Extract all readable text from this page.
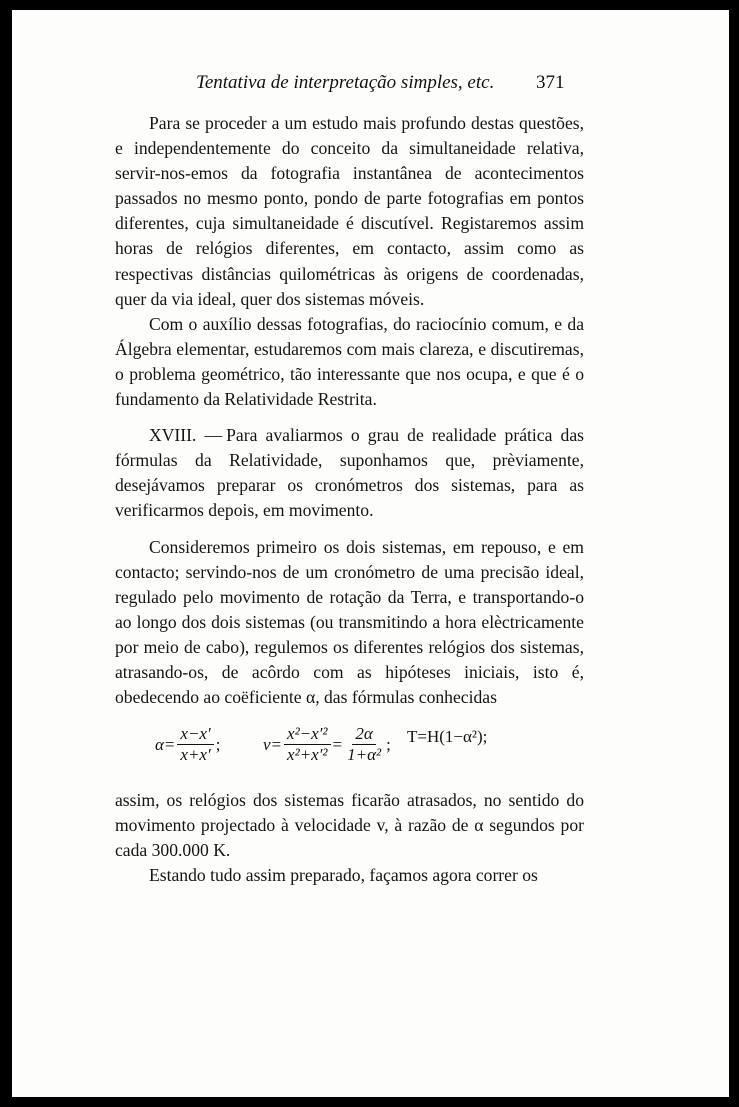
Tentativa de interpretação simples, etc. 371

Para se proceder a um estudo mais profundo destas questões, e independentemente do conceito da simultaneidade relativa, servir-nos-emos da fotografia instantânea de acontecimentos passados no mesmo ponto, pondo de parte fotografias em pontos diferentes, cuja simultaneidade é discutível. Registaremos assim horas de relógios diferentes, em contacto, assim como as respectivas distâncias quilométricas às origens de coordenadas, quer da via ideal, quer dos sistemas móveis.

Com o auxílio dessas fotografias, do raciocínio comum, e da Álgebra elementar, estudaremos com mais clareza, e discutiremas, o problema geométrico, tão interessante que nos ocupa, e que é o fundamento da Relatividade Restrita.

XVIII. — Para avaliarmos o grau de realidade prática das fórmulas da Relatividade, suponhamos que, prèviamente, desejávamos preparar os cronómetros dos sistemas, para as verificarmos depois, em movimento.

Consideremos primeiro os dois sistemas, em repouso, e em contacto; servindo-nos de um cronómetro de uma precisão ideal, regulado pelo movimento de rotação da Terra, e transportando-o ao longo dos dois sistemas (ou transmitindo a hora elèctricamente por meio de cabo), regulemos os diferentes relógios dos sistemas, atrasando-os, de acôrdo com as hipóteses iniciais, isto é, obedecendo ao coëficiente α, das fórmulas conhecidas

$\alpha= \frac{x-x'}{x+x'}$ ;	$v= \frac{\text{x²−x′²}}{\text{x²+x′²}} = \frac{2\alpha}{\text{1+α²}}$ ; T=H(1−α²);

assim, os relógios dos sistemas ficarão atrasados, no sentido do movimento projectado à velocidade v, à razão de α segundos por cada 300.000 K.

Estando tudo assim preparado, façamos agora correr os
